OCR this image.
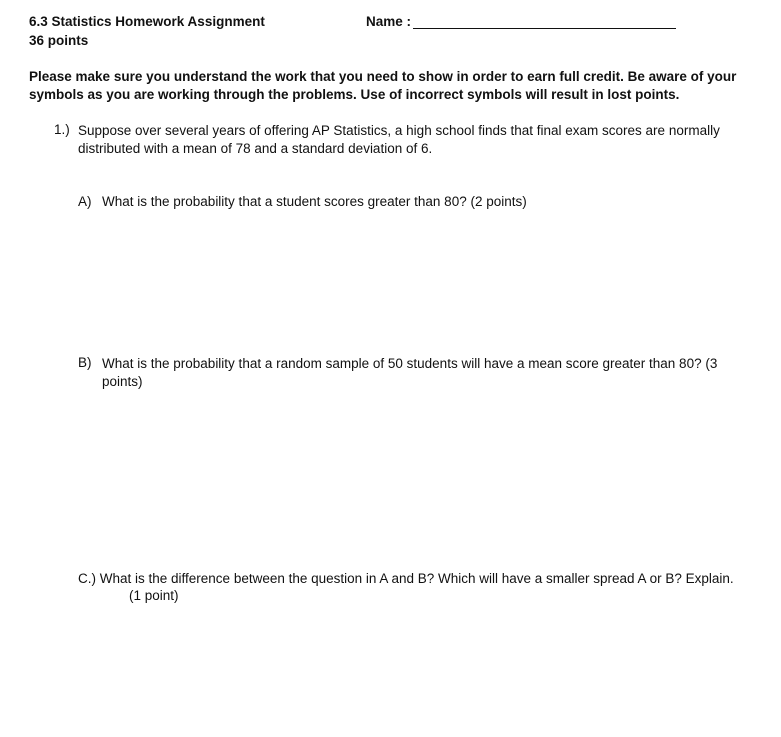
6.3 Statistics Homework Assignment
36 points
Name :
Please make sure you understand the work that you need to show in order to earn full credit. Be aware of your symbols as you are working through the problems. Use of incorrect symbols will result in lost points.
1.) Suppose over several years of offering AP Statistics, a high school finds that final exam scores are normally distributed with a mean of 78 and a standard deviation of 6.
A) What is the probability that a student scores greater than 80? (2 points)
B) What is the probability that a random sample of 50 students will have a mean score greater than 80? (3 points)
C.) What is the difference between the question in A and B? Which will have a smaller spread A or B? Explain.
(1 point)
